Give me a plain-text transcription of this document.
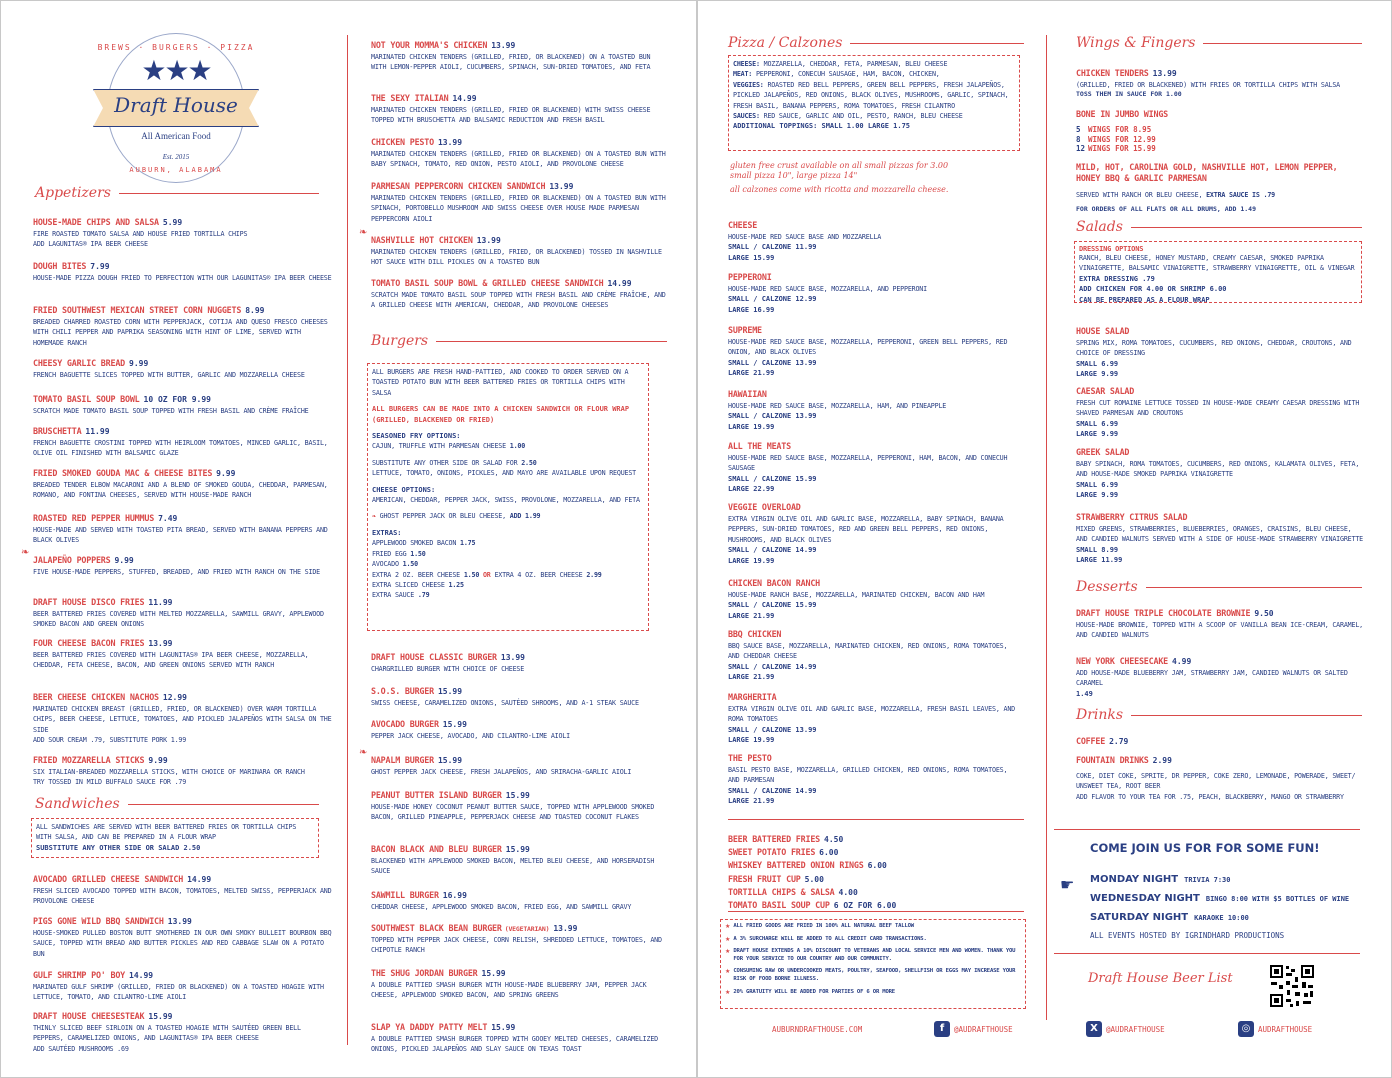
BREWS · BURGERS · PIZZA
★★★
Draft House
All American Food
Est. 2015
AUBURN, ALABAMA
Appetizers
HOUSE-MADE CHIPS AND SALSA 5.99
FIRE ROASTED TOMATO SALSA AND HOUSE FRIED TORTILLA CHIPS
ADD LAGUNITAS® IPA BEER CHEESE
DOUGH BITES 7.99
HOUSE-MADE PIZZA DOUGH FRIED TO PERFECTION WITH OUR LAGUNITAS® IPA BEER CHEESE
FRIED SOUTHWEST MEXICAN STREET CORN NUGGETS 8.99
BREADED CHARRED ROASTED CORN WITH PEPPERJACK, COTIJA AND QUESO FRESCO CHEESES WITH CHILI PEPPER AND PAPRIKA SEASONING WITH HINT OF LIME, SERVED WITH HOMEMADE RANCH
CHEESY GARLIC BREAD 9.99
FRENCH BAGUETTE SLICES TOPPED WITH BUTTER, GARLIC AND MOZZARELLA CHEESE
TOMATO BASIL SOUP BOWL 10 OZ FOR 9.99
SCRATCH MADE TOMATO BASIL SOUP TOPPED WITH FRESH BASIL AND CRÈME FRAÎCHE
BRUSCHETTA 11.99
FRENCH BAGUETTE CROSTINI TOPPED WITH HEIRLOOM TOMATOES, MINCED GARLIC, BASIL, OLIVE OIL FINISHED WITH BALSAMIC GLAZE
FRIED SMOKED GOUDA MAC & CHEESE BITES 9.99
BREADED TENDER ELBOW MACARONI AND A BLEND OF SMOKED GOUDA, CHEDDAR, PARMESAN, ROMANO, AND FONTINA CHEESES, SERVED WITH HOUSE-MADE RANCH
ROASTED RED PEPPER HUMMUS 7.49
HOUSE-MADE AND SERVED WITH TOASTED PITA BREAD, SERVED WITH BANANA PEPPERS AND BLACK OLIVES
JALAPEÑO POPPERS 9.99
FIVE HOUSE-MADE PEPPERS, STUFFED, BREADED, AND FRIED WITH RANCH ON THE SIDE
❧
DRAFT HOUSE DISCO FRIES 11.99
BEER BATTERED FRIES COVERED WITH MELTED MOZZARELLA, SAWMILL GRAVY, APPLEWOOD SMOKED BACON AND GREEN ONIONS
FOUR CHEESE BACON FRIES 13.99
BEER BATTERED FRIES COVERED WITH LAGUNITAS® IPA BEER CHEESE, MOZZARELLA, CHEDDAR, FETA CHEESE, BACON, AND GREEN ONIONS SERVED WITH RANCH
BEER CHEESE CHICKEN NACHOS 12.99
MARINATED CHICKEN BREAST (GRILLED, FRIED, OR BLACKENED) OVER WARM TORTILLA CHIPS, BEER CHEESE, LETTUCE, TOMATOES, AND PICKLED JALAPEÑOS WITH SALSA ON THE SIDE
ADD SOUR CREAM .79, SUBSTITUTE PORK 1.99
FRIED MOZZARELLA STICKS 9.99
SIX ITALIAN-BREADED MOZZARELLA STICKS, WITH CHOICE OF MARINARA OR RANCH
TRY TOSSED IN MILD BUFFALO SAUCE FOR .79
Sandwiches
ALL SANDWICHES ARE SERVED WITH BEER BATTERED FRIES OR TORTILLA CHIPS WITH SALSA, AND CAN BE PREPARED IN A FLOUR WRAP
SUBSTITUTE ANY OTHER SIDE OR SALAD 2.50
AVOCADO GRILLED CHEESE SANDWICH 14.99
FRESH SLICED AVOCADO TOPPED WITH BACON, TOMATOES, MELTED SWISS, PEPPERJACK AND PROVOLONE CHEESE
PIGS GONE WILD BBQ SANDWICH 13.99
HOUSE-SMOKED PULLED BOSTON BUTT SMOTHERED IN OUR OWN SMOKY BULLEIT BOURBON BBQ SAUCE, TOPPED WITH BREAD AND BUTTER PICKLES AND RED CABBAGE SLAW ON A POTATO BUN
GULF SHRIMP PO' BOY 14.99
MARINATED GULF SHRIMP (GRILLED, FRIED OR BLACKENED) ON A TOASTED HOAGIE WITH LETTUCE, TOMATO, AND CILANTRO-LIME AIOLI
DRAFT HOUSE CHEESESTEAK 15.99
THINLY SLICED BEEF SIRLOIN ON A TOASTED HOAGIE WITH SAUTÉED GREEN BELL PEPPERS, CARAMELIZED ONIONS, AND LAGUNITAS® IPA BEER CHEESE
ADD SAUTÉED MUSHROOMS .69
NOT YOUR MOMMA'S CHICKEN 13.99
MARINATED CHICKEN TENDERS (GRILLED, FRIED, OR BLACKENED) ON A TOASTED BUN WITH LEMON-PEPPER AIOLI, CUCUMBERS, SPINACH, SUN-DRIED TOMATOES, AND FETA
THE SEXY ITALIAN 14.99
MARINATED CHICKEN TENDERS (GRILLED, FRIED OR BLACKENED) WITH SWISS CHEESE TOPPED WITH BRUSCHETTA AND BALSAMIC REDUCTION AND FRESH BASIL
CHICKEN PESTO 13.99
MARINATED CHICKEN TENDERS (GRILLED, FRIED OR BLACKENED) ON A TOASTED BUN WITH BABY SPINACH, TOMATO, RED ONION, PESTO AIOLI, AND PROVOLONE CHEESE
PARMESAN PEPPERCORN CHICKEN SANDWICH 13.99
MARINATED CHICKEN TENDERS (GRILLED, FRIED OR BLACKENED) ON A TOASTED BUN WITH SPINACH, PORTOBELLO MUSHROOM AND SWISS CHEESE OVER HOUSE MADE PARMESAN PEPPERCORN AIOLI
NASHVILLE HOT CHICKEN 13.99
MARINATED CHICKEN TENDERS (GRILLED, FRIED, OR BLACKENED) TOSSED IN NASHVILLE HOT SAUCE WITH DILL PICKLES ON A TOASTED BUN
❧
TOMATO BASIL SOUP BOWL & GRILLED CHEESE SANDWICH 14.99
SCRATCH MADE TOMATO BASIL SOUP TOPPED WITH FRESH BASIL AND CRÈME FRAÎCHE, AND A GRILLED CHEESE WITH AMERICAN, CHEDDAR, AND PROVOLONE CHEESES
Burgers
ALL BURGERS ARE FRESH HAND-PATTIED, AND COOKED TO ORDER SERVED ON A TOASTED POTATO BUN WITH BEER BATTERED FRIES OR TORTILLA CHIPS WITH SALSA
ALL BURGERS CAN BE MADE INTO A CHICKEN SANDWICH OR FLOUR WRAP (GRILLED, BLACKENED OR FRIED)
SEASONED FRY OPTIONS:
CAJUN, TRUFFLE WITH PARMESAN CHEESE 1.00
SUBSTITUTE ANY OTHER SIDE OR SALAD FOR 2.50
LETTUCE, TOMATO, ONIONS, PICKLES, AND MAYO ARE AVAILABLE UPON REQUEST
CHEESE OPTIONS:
AMERICAN, CHEDDAR, PEPPER JACK, SWISS, PROVOLONE, MOZZARELLA, AND FETA
❧ GHOST PEPPER JACK OR BLEU CHEESE, ADD 1.99
EXTRAS:
APPLEWOOD SMOKED BACON 1.75
FRIED EGG 1.50
AVOCADO 1.50
EXTRA 2 OZ. BEER CHEESE 1.50 OR EXTRA 4 OZ. BEER CHEESE 2.99
EXTRA SLICED CHEESE 1.25
EXTRA SAUCE .79
DRAFT HOUSE CLASSIC BURGER 13.99
CHARGRILLED BURGER WITH CHOICE OF CHEESE
S.O.S. BURGER 15.99
SWISS CHEESE, CARAMELIZED ONIONS, SAUTÉED SHROOMS, AND A-1 STEAK SAUCE
AVOCADO BURGER 15.99
PEPPER JACK CHEESE, AVOCADO, AND CILANTRO-LIME AIOLI
NAPALM BURGER 15.99
GHOST PEPPER JACK CHEESE, FRESH JALAPEÑOS, AND SRIRACHA-GARLIC AIOLI
❧
PEANUT BUTTER ISLAND BURGER 15.99
HOUSE-MADE HONEY COCONUT PEANUT BUTTER SAUCE, TOPPED WITH APPLEWOOD SMOKED BACON, GRILLED PINEAPPLE, PEPPERJACK CHEESE AND TOASTED COCONUT FLAKES
BACON BLACK AND BLEU BURGER 15.99
BLACKENED WITH APPLEWOOD SMOKED BACON, MELTED BLEU CHEESE, AND HORSERADISH SAUCE
SAWMILL BURGER 16.99
CHEDDAR CHEESE, APPLEWOOD SMOKED BACON, FRIED EGG, AND SAWMILL GRAVY
SOUTHWEST BLACK BEAN BURGER (VEGETARIAN) 13.99
TOPPED WITH PEPPER JACK CHEESE, CORN RELISH, SHREDDED LETTUCE, TOMATOES, AND CHIPOTLE RANCH
THE SHUG JORDAN BURGER 15.99
A DOUBLE PATTIED SMASH BURGER WITH HOUSE-MADE BLUEBERRY JAM, PEPPER JACK CHEESE, APPLEWOOD SMOKED BACON, AND SPRING GREENS
SLAP YA DADDY PATTY MELT 15.99
A DOUBLE PATTIED SMASH BURGER TOPPED WITH GOOEY MELTED CHEESES, CARAMELIZED ONIONS, PICKLED JALAPEÑOS AND SLAY SAUCE ON TEXAS TOAST
Pizza / Calzones
CHEESE: MOZZARELLA, CHEDDAR, FETA, PARMESAN, BLEU CHEESE
MEAT: PEPPERONI, CONECUH SAUSAGE, HAM, BACON, CHICKEN,
VEGGIES: ROASTED RED BELL PEPPERS, GREEN BELL PEPPERS, FRESH JALAPEÑOS, PICKLED JALAPEÑOS, RED ONIONS, BLACK OLIVES, MUSHROOMS, GARLIC, SPINACH, FRESH BASIL, BANANA PEPPERS, ROMA TOMATOES, FRESH CILANTRO
SAUCES: RED SAUCE, GARLIC AND OIL, PESTO, RANCH, BLEU CHEESE
ADDITIONAL TOPPINGS: SMALL 1.00 LARGE 1.75
gluten free crust available on all small pizzas for 3.00
small pizza 10", large pizza 14"
all calzones come with ricotta and mozzarella cheese.
CHEESE
HOUSE-MADE RED SAUCE BASE AND MOZZARELLA
SMALL / CALZONE 11.99
LARGE 15.99
PEPPERONI
HOUSE-MADE RED SAUCE BASE, MOZZARELLA, AND PEPPERONI
SMALL / CALZONE 12.99
LARGE 16.99
SUPREME
HOUSE-MADE RED SAUCE BASE, MOZZARELLA, PEPPERONI, GREEN BELL PEPPERS, RED ONION, AND BLACK OLIVES
SMALL / CALZONE 13.99
LARGE 21.99
HAWAIIAN
HOUSE-MADE RED SAUCE BASE, MOZZARELLA, HAM, AND PINEAPPLE
SMALL / CALZONE 13.99
LARGE 19.99
ALL THE MEATS
HOUSE-MADE RED SAUCE BASE, MOZZARELLA, PEPPERONI, HAM, BACON, AND CONECUH SAUSAGE
SMALL / CALZONE 15.99
LARGE 22.99
VEGGIE OVERLOAD
EXTRA VIRGIN OLIVE OIL AND GARLIC BASE, MOZZARELLA, BABY SPINACH, BANANA PEPPERS, SUN-DRIED TOMATOES, RED AND GREEN BELL PEPPERS, RED ONIONS, MUSHROOMS, AND BLACK OLIVES
SMALL / CALZONE 14.99
LARGE 19.99
CHICKEN BACON RANCH
HOUSE-MADE RANCH BASE, MOZZARELLA, MARINATED CHICKEN, BACON AND HAM
SMALL / CALZONE 15.99
LARGE 21.99
BBQ CHICKEN
BBQ SAUCE BASE, MOZZARELLA, MARINATED CHICKEN, RED ONIONS, ROMA TOMATOES, AND CHEDDAR CHEESE
SMALL / CALZONE 14.99
LARGE 21.99
MARGHERITA
EXTRA VIRGIN OLIVE OIL AND GARLIC BASE, MOZZARELLA, FRESH BASIL LEAVES, AND ROMA TOMATOES
SMALL / CALZONE 13.99
LARGE 19.99
THE PESTO
BASIL PESTO BASE, MOZZARELLA, GRILLED CHICKEN, RED ONIONS, ROMA TOMATOES, AND PARMESAN
SMALL / CALZONE 14.99
LARGE 21.99
BEER BATTERED FRIES 4.50
SWEET POTATO FRIES 6.00
WHISKEY BATTERED ONION RINGS 6.00
FRESH FRUIT CUP 5.00
TORTILLA CHIPS & SALSA 4.00
TOMATO BASIL SOUP CUP 6 OZ FOR 6.00
★ ALL FRIED GOODS ARE FRIED IN 100% ALL NATURAL BEEF TALLOW
★ A 3% SURCHARGE WILL BE ADDED TO ALL CREDIT CARD TRANSACTIONS.
★ DRAFT HOUSE EXTENDS A 10% DISCOUNT TO VETERANS AND LOCAL SERVICE MEN AND WOMEN. THANK YOU FOR YOUR SERVICE TO OUR COUNTRY AND OUR COMMUNITY.
★ CONSUMING RAW OR UNDERCOOKED MEATS, POULTRY, SEAFOOD, SHELLFISH OR EGGS MAY INCREASE YOUR RISK OF FOOD BORNE ILLNESS.
★ 20% GRATUITY WILL BE ADDED FOR PARTIES OF 6 OR MORE
Wings & Fingers
CHICKEN TENDERS 13.99
(GRILLED, FRIED OR BLACKENED) WITH FRIES OR TORTILLA CHIPS WITH SALSA
TOSS THEM IN SAUCE FOR 1.00
BONE IN JUMBO WINGS
5 WINGS FOR 8.95
8 WINGS FOR 12.99
12 WINGS FOR 15.99
MILD, HOT, CAROLINA GOLD, NASHVILLE HOT, LEMON PEPPER, HONEY BBQ & GARLIC PARMESAN
SERVED WITH RANCH OR BLEU CHEESE, EXTRA SAUCE IS .79
FOR ORDERS OF ALL FLATS OR ALL DRUMS, ADD 1.49
Salads
DRESSING OPTIONS
RANCH, BLEU CHEESE, HONEY MUSTARD, CREAMY CAESAR, SMOKED PAPRIKA VINAIGRETTE, BALSAMIC VINAIGRETTE, STRAWBERRY VINAIGRETTE, OIL & VINEGAR
EXTRA DRESSING .79
ADD CHICKEN FOR 4.00 OR SHRIMP 6.00
CAN BE PREPARED AS A FLOUR WRAP
HOUSE SALAD
SPRING MIX, ROMA TOMATOES, CUCUMBERS, RED ONIONS, CHEDDAR, CROUTONS, AND CHOICE OF DRESSING
SMALL 6.99
LARGE 9.99
CAESAR SALAD
FRESH CUT ROMAINE LETTUCE TOSSED IN HOUSE-MADE CREAMY CAESAR DRESSING WITH SHAVED PARMESAN AND CROUTONS
SMALL 6.99
LARGE 9.99
GREEK SALAD
BABY SPINACH, ROMA TOMATOES, CUCUMBERS, RED ONIONS, KALAMATA OLIVES, FETA, AND HOUSE-MADE SMOKED PAPRIKA VINAIGRETTE
SMALL 6.99
LARGE 9.99
STRAWBERRY CITRUS SALAD
MIXED GREENS, STRAWBERRIES, BLUEBERRIES, ORANGES, CRAISINS, BLEU CHEESE, AND CANDIED WALNUTS SERVED WITH A SIDE OF HOUSE-MADE STRAWBERRY VINAIGRETTE
SMALL 8.99
LARGE 11.99
Desserts
DRAFT HOUSE TRIPLE CHOCOLATE BROWNIE 9.50
HOUSE-MADE BROWNIE, TOPPED WITH A SCOOP OF VANILLA BEAN ICE-CREAM, CARAMEL, AND CANDIED WALNUTS
NEW YORK CHEESECAKE 4.99
ADD HOUSE-MADE BLUEBERRY JAM, STRAWBERRY JAM, CANDIED WALNUTS OR SALTED CARAMEL
1.49
Drinks
COFFEE 2.79
FOUNTAIN DRINKS 2.99
COKE, DIET COKE, SPRITE, DR PEPPER, COKE ZERO, LEMONADE, POWERADE, SWEET/ UNSWEET TEA, ROOT BEER
ADD FLAVOR TO YOUR TEA FOR .75, PEACH, BLACKBERRY, MANGO OR STRAWBERRY
COME JOIN US FOR FOR SOME FUN!
☛ MONDAY NIGHT TRIVIA 7:30
WEDNESDAY NIGHT BINGO 8:00 WITH $5 BOTTLES OF WINE
SATURDAY NIGHT KARAOKE 10:00
ALL EVENTS HOSTED BY IGRINDHARD PRODUCTIONS
Draft House Beer List
AUBURNDRAFTHOUSE.COM	f	@AUDRAFTHOUSE	X	@AUDRAFTHOUSE	◎	AUDRAFTHOUSE
